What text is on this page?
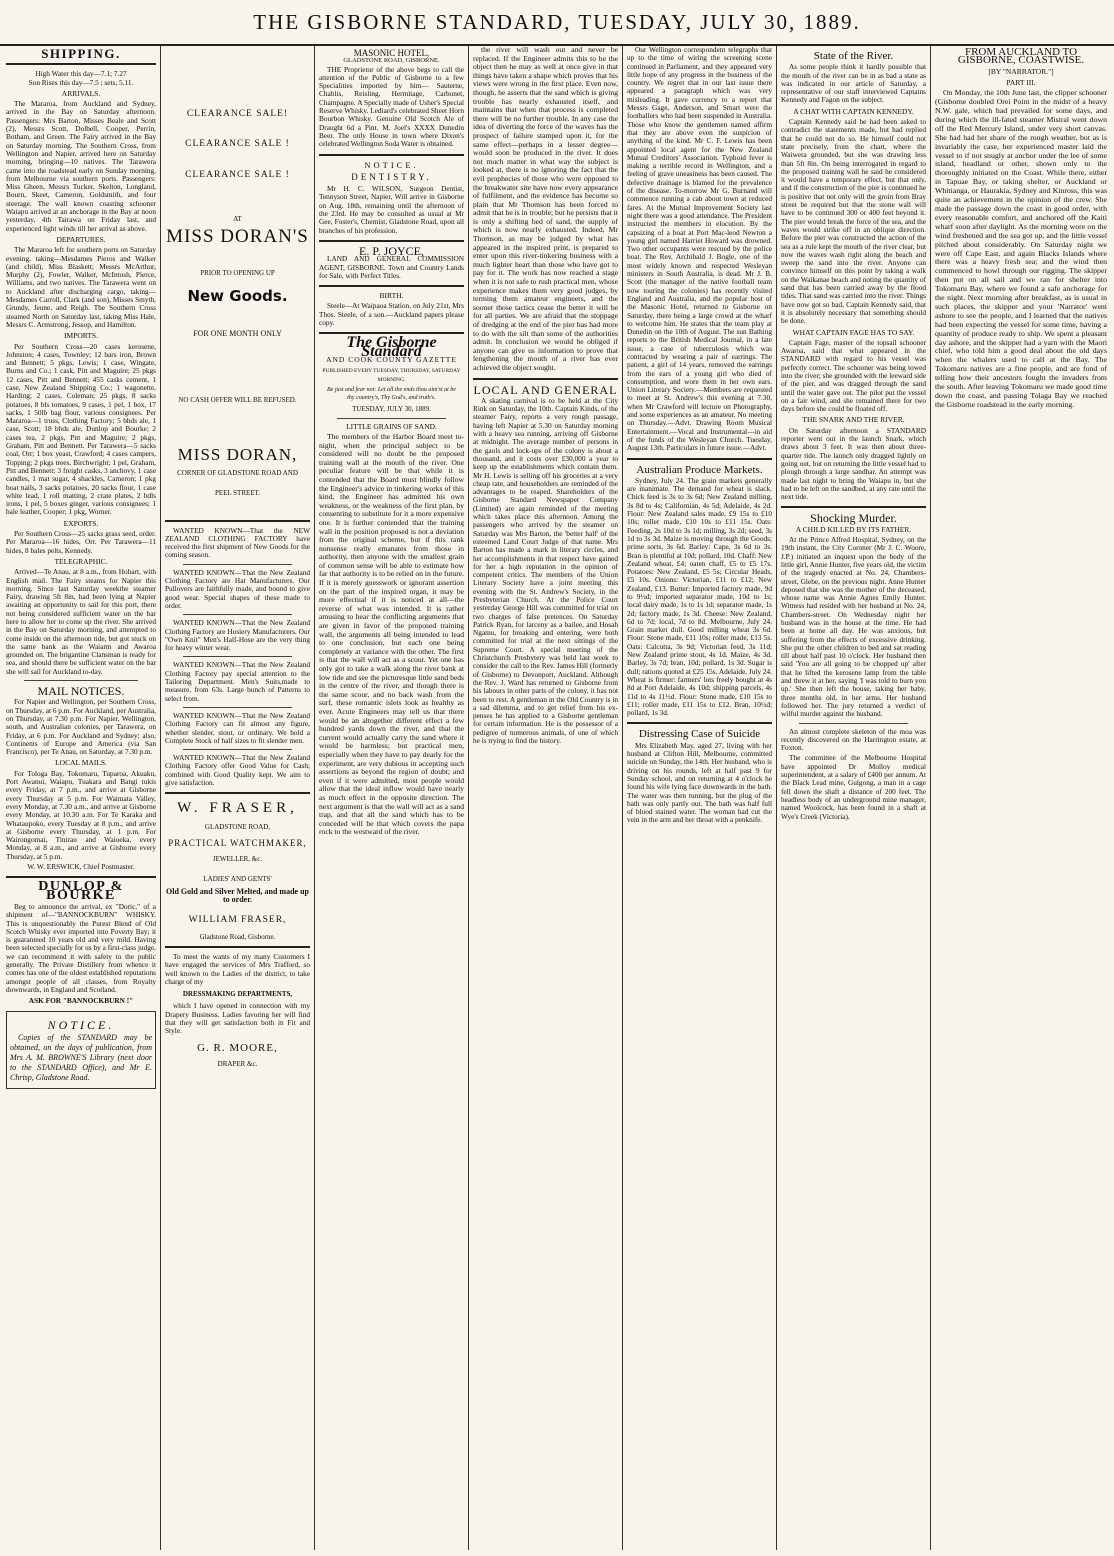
THE GISBORNE STANDARD, TUESDAY, JULY 30, 1889.
SHIPPING.
High Water this day—7.1; 7.27
Sun Rises this day—7.5 ; sets, 5.11.
ARRIVALS.

The Mararoa, from Auckland and Sydney, arrived in the Bay on Saturday afternoon. Passengers: Mrs Barton, Misses Beale and Scott (2), Messrs Scott, Dolbell, Cooper, Perrin, Botham, and Green. The Fairy arrived in the Bay on Saturday morning. The Southern Cross, from Wellington and Napier, arrived here on Saturday morning, bringing—10 natives. The Tarawera came into the roadstead early on Sunday morning, from Melbourne via southern ports. Passengers: Miss Gheen, Messrs Tucker, Skelton, Longland, Bourn, Skeet, Cameron, Goldsmith, and four steerage. The wall known coasting schooner Waiapu arrived at an anchorage in the Bay at noon yesterday, 4th Tairawa on Friday last, and experienced light winds till her arrival as above.

DEPARTURES.

The Mararoa left for southern ports on Saturday evening, taking—Mesdames Pieros and Walker (and child), Miss Blaskett; Messrs McArthur, Murphy (2), Fowler, Walker, McIntosh, Pierce, Williams, and two natives. The Tarawera went on to Auckland after discharging cargo, taking—Mesdames Carroll, Clark (and son), Misses Smyth, Grundy, Jeune, and Reigh. The Southern Cross steamed North on Saturday last, taking Miss Hale, Messrs C. Armstrong, Jessop, and Hamilton.

IMPORTS.

Per Southern Cross—20 cases kerosene, Johnston; 4 cases, Townley; 12 bars iron, Brown and Bennett; 5 pkgs, Lewis; 1 case, Wingate, Burns and Co.; 1 cask, Pitt and Maguire; 25 pkgs 12 cases, Pitt and Bennett; 455 casks cement, 1 case, New Zealand Shipping Co.; 1 wagonette, Harding; 2 cases, Coleman; 25 pkgs, 8 sacks potatoes, 8 bls tomatoes, 9 cases, 1 pel, 1 box, 17 sacks, 1 50lb bag flour, various consignees. Per Mararoa—1 truss, Clothing Factory; 5 bhds ale, 1 case, Scott; 18 bhds ale, Dunlop and Bourke; 2 cases tea, 2 pkgs, Pitt and Maguire; 2 pkgs, Graham, Pitt and Bennett. Per Tarawera—5 sacks coal, Orr; 1 box yeast, Crawford; 4 cases campers, Topping; 2 pkgs trees, Birchwright; 1 pel, Graham, Pitt and Bennett; 3 freight casks, 3 anchovy, 1 case candles, 1 mat sugar, 4 shackles, Cameron; 1 pkg boat nails, 3 sacks potatoes, 20 sacks flour, 1 case white lead, 1 roll matting, 2 crate plates, 2 bdls irons, 1 pel, 5 boxes ginger, various consignees; 1 bale leather, Cooper; 1 pkg, Worner.

EXPORTS.

Per Southern Cross—25 sacks grass seed, order. Per Mararoa—16 hides, Orr. Per Tarawera—11 hides, 8 bales pelts, Kennedy.

TELEGRAPHIC.

Arrived—Te Anau, at 8 a.m., from Hobart, with English mail. The Fairy steams for Napier this morning. Since last Saturday weekthe steamer Fairy, drawing 5ft 8in, had been lying at Napier awaiting an opportunity to sail for this port, there not being considered sufficient water on the bar here to allow her to come up the river. She arrived in the Bay on Saturday morning, and attempted to come inside on the afternoon tide, but got stuck on the same bank as the Waiarm and Awaroa grounded on. The brigantine Clansman is ready for sea, and should there be sufficient water on the bar she will sail for Auckland to-day.

MAIL NOTICES.

For Napier and Wellington, per Southern Cross, on Thursday, at 6 p.m. For Auckland, per Australia, on Thursday, at 7.30 p.m. For Napier, Wellington, south, and Australian colonies, per Tarawera, on Friday, at 6 p.m. For Auckland and Sydney; also, Continents of Europe and America (via San Francisco), per Te Anau, on Saturday, at 7.30 p.m.

LOCAL MAILS.

For Tologa Bay, Tokomaru, Tuparoa, Akuaku, Port Awanui, Waiapu, Tuakara and Bangi tukis every Friday, at 7 p.m., and arrive at Gisborne every Thursday at 5 p.m. For Waimata Valley, every Monday, at 7.30 a.m., and arrive at Gisborne every Monday, at 10.30 a.m. For Te Karaka and Whataupoko, every Tuesday at 8 p.m., and arrive at Gisborne every Thursday, at 1 p.m. For Wairongomai, Tinirau and Waioeka, every Monday, at 8 a.m., and arrive at Gisborne every Thursday, at 5 p.m.

W. W. ERSWICK, Chief Postmaster.
DUNLOP & BOURKE

Beg to announce the arrival, ex "Doric," of a shipment of—"BANNOCKBURN" WHISKY. This is unquestionably the Purest Blend of Old Scotch Whisky ever imported into Poverty Bay; it is guaranteed 10 years old and very mild. Having been selected specially for us by a first-class judge, we can recommend it with safety to the public generally. The Private Distillery from whence it comes has one of the oldest established reputations amongst people of all classes, from Royalty downwards, in England and Scotland.

ASK FOR "BANNOCKBURN !"
NOTICE.

Copies of the STANDARD may be obtained, on the days of publication, from Mrs A. M. BROWNE'S Library (next door to the STANDARD Office), and Mr E. Chrisp, Gladstone Road.

CLEARANCE SALE!
CLEARANCE SALE !
CLEARANCE SALE !
AT
MISS DORAN'S
PRIOR TO OPENING UP
New Goods.
FOR ONE MONTH ONLY
NO CASH OFFER WILL BE REFUSED.
MISS DORAN,
CORNER OF GLADSTONE ROAD AND
PEEL STREET.

WANTED KNOWN—That the NEW ZEALAND CLOTHING FACTORY have received the first shipment of New Goods for the coming season.

WANTED KNOWN—That the New Zealand Clothing Factory are Hat Manufacturers. Our Pullovers are faithfully made, and bound to give good wear. Special shapes of these made to order.

WANTED KNOWN—That the New Zealand Clothing Factory are Hosiery Manufacturers. Our "Own Knit" Men's Half-Hose are the very thing for heavy winter wear.

WANTED KNOWN—That the New Zealand Clothing Factory pay special attention to the Tailoring Department. Men's Suits,made to measure, from 63s. Large bunch of Patterns to select from.

WANTED KNOWN—That the New Zealand Clothing Factory can fit almost any figure, whether slender, stout, or ordinary. We hold a Complete Stock of half sizes to fit slender men.

WANTED KNOWN—That the New Zealand Clothing Factory offer Good Value for Cash; combined with Good Quality kept. We aim to give satisfaction.

W. FRASER,
GLADSTONE ROAD,
PRACTICAL WATCHMAKER,
JEWELLER, &c.
LADIES' AND GENTS'
Old Gold and Silver Melted, and made up to order.
WILLIAM FRASER,
Gladstone Road, Gisborne.

To meet the wants of my many Customers I have engaged the services of Mrs Trafford, so well known to the Ladies of the district, to take charge of my

DRESSMAKING DEPARTMENTS,

which I have opened in connection with my Drapery Business. Ladies favoring her will find that they will get satisfaction both in Fit and Style.

G. R. MOORE,
DRAPER &c.
MASONIC HOTEL,
GLADSTONE ROAD, GISBORNE.

THE Proprietor of the above begs to call the attention of the Public of Gisborne to a few Specialities imported by him— Sauterne, Chablis, Reisling, Hermitage, Carbonet, Champagne. A Specially made of Usher's Special Reserve Whisky. Lediard's celebrated Sheet Horn Bourbon Whisky. Genuine Old Scotch Ale of Draught 6d a Pint. M. Joel's XXXX Dunedin Beer. The only House in town where Dixon's celebrated Wellington Soda Water is obtained.

NOTICE.
DENTISTRY.

Mr H. C. WILSON, Surgeon Dentist, Tennyson Street, Napier, Will arrive in Gisborne on Aug. 18th, remaining until the afternoon of the 23rd. He may be consulted as usual at Mr Gee, Foster's, Chemist, Gladstone Road, upon all branches of his profession.

E. P. JOYCE,

LAND AND GENERAL COMMISSION AGENT, GISBORNE. Town and Country Lands for Sale, with Perfect Titles.

BIRTH.

Steele—At Waipaoa Station, on July 21st, Mrs Thos. Steele, of a son.—Auckland papers please copy.

The Gisborne Standard
AND COOK COUNTY GAZETTE
PUBLISHED EVERY TUESDAY, THURSDAY, SATURDAY MORNING.
Be just and fear not: Let all the ends thou aim'st at be thy country's, Thy God's, and truth's.
TUESDAY, JULY 30, 1889.
LITTLE GRAINS OF SAND.

The members of the Harbor Board meet to-night, when the principal subject to be considered will no doubt be the proposed training wall at the mouth of the river. One peculiar feature will be that while it is contended that the Board must blindly follow the Engineer's advice in tinkering works of this kind, the Engineer has admitted his own weakness, or the weakness of the first plan, by consenting to substitute for it a more expensive one. It is further contended that the training wall in the position proposed is not a deviation from the original scheme, but if this rank nonsense really emanates from those in authority, then anyone with the smallest grain of common sense will be able to estimate how far that authority is to be relied on in the future. If it is merely guesswork or ignorant assertion on the part of the inspired organ, it may be more effectual if it is noticed at all—the reverse of what was intended. It is rather amusing to hear the conflicting arguments that are given in favor of the proposed training wall, the arguments all being intended to lead to one conclusion, but each one being completely at variance with the other. The first is that the wall will act as a scour. Yet one has only got to take a walk along the river bank at low tide and see the picturesque little sand beds in the centre of the river, and though there is the same scour, and no back wash from the surf, these romantic islets look as healthy as ever. Acute Engineers may tell us that there would be an altogether different effect a few hundred yards down the river, and that the current would actually carry the sand where it would be harmless; but practical men, especially when they have to pay dearly for the experiment, are very dubious in accepting such assertions as beyond the region of doubt; and even if it were admitted, most people would allow that the ideal inflow would have nearly as much effect in the opposite direction. The next argument is that the wall will act as a sand trap, and that all the sand which has to be conceded will be that which covers the papa rock to the westward of the river.

the river will wash out and never be replaced. If the Engineer admits this to be the object then he may as well at once give in that things have taken a shape which proves that his views were wrong in the first place. Even now, though, he asserts that the sand which is giving trouble has nearly exhausted itself, and maintains that when that process is completed there will be no further trouble. In any case the idea of diverting the force of the waves has the prospect of failure stamped upon it, for the same effect—perhaps in a lesser degree—would soon be produced in the river. It does not much matter in what way the subject is looked at, there is no ignoring the fact that the evil prophecies of those who were opposed to the breakwater site have now every appearance of fulfilment, and the evidence has become so plain that Mr Thomson has been forced to admit that he is in trouble; but he persists that it is only a shifting bed of sand, the supply of which is now nearly exhausted. Indeed, Mr Thomson, as may be judged by what has appeared in the inspired print, is prepared to enter upon this river-tinkering business with a much lighter heart than those who have got to pay for it. The work has now reached a stage when it is not safe to rush practical men, whose experience makes them very good judges, by terming them amateur engineers, and the sooner those tactics cease the better it will be for all parties. We are afraid that the stoppage of dredging at the end of the pier has had more to do with the silt than some of the authorities admit. In conclusion we would be obliged if anyone can give us information to prove that lengthening the mouth of a river has ever achieved the object sought.

LOCAL AND GENERAL

A skating carnival is to be held at the City Rink on Saturday, the 10th. Captain Kinds, of the steamer Fairy, reports a very rough passage, having left Napier at 5.30 on Saturday morning with a heavy sea running, arriving off Gisborne at midnight. The average number of persons in the gaols and lock-ups of the colony is about a thousand, and it costs over £30,000 a year to keep up the establishments which contain them. Mr H. Lewis is selling off his groceries at a very cheap rate, and householders are reminded of the advantages to be reaped. Shareholders of the Gisborne Standard Newspaper Company (Limited) are again reminded of the meeting which takes place this afternoon. Among the passengers who arrived by the steamer on Saturday was Mrs Barton, the 'better half' of the esteemed Land Court Judge of that name. Mrs Barton has made a mark in literary circles, and her accomplishments in that respect have gained for her a high reputation in the opinion of competent critics. The members of the Union Literary Society have a joint meeting this evening with the St. Andrew's Society, in the Presbyterian Church. At the Police Court yesterday George Hill was committed for trial on two charges of false pretences. On Saturday Patrick Ryan, for larceny as a bailee, and Hosah Ngamu, for breaking and entering, were both committed for trial at the next sittings of the Supreme Court. A special meeting of the Christchurch Presbytery was held last week to consider the call to the Rev. James Hill (formerly of Gisborne) to Devonport, Auckland. Although the Rev. J. Ward has returned to Gisborne from his labours in other parts of the colony, it has not been to rest. A gentleman in the Old Country is in a sad dilemma, and to get relief from his ex-penses he has applied to a Gisborne gentleman for certain information. He is the possessor of a pedigree of numerous animals, of one of which he is trying to find the history.

Our Wellington correspondent telegraphs that up to the time of wiring the screening scene continued in Parliament, and they appeared very little hope of any progress in the business of the country. We regret that in our last issue there appeared a paragraph which was very misleading. It gave currency to a report that Messrs Gage, Anderson, and Smart were the footballers who had been suspended in Australia. Those who know the gentlemen named affirm that they are above even the suspicion of anything of the kind. Mr C. F. Lewis has been appointed local agent for the New Zealand Mutual Creditors' Association. Typhoid fever is making a terrible record in Wellington, and a feeling of grave uneasiness has been caused. The defective drainage is blamed for the prevalence of the disease. To-morrow Mr G. Burnand will commence running a cab about town at reduced fares. At the Mutual Improvement Society last night there was a good attendance. The President instructed the members in elocution. By the capsizing of a boat at Port Mac-leod Newton a young girl named Harriet Howard was drowned. Two other occupants were rescued by the police boat. The Rev. Archibald J. Bogle, one of the most widely known and respected Wesleyan ministers in South Australia, is dead. Mr J. B. Scott (the manager of the native football team now touring the colonies) has recently visited England and Australia, and the popular host of the Masonic Hotel, returned to Gisborne on Saturday, there being a large crowd at the wharf to welcome him. He states that the team play at Dunedin on the 10th of August. The sun Bathing reports to the British Medical Journal, in a late issue, a case of tuberculosis which was contracted by wearing a pair of earrings. The patient, a girl of 14 years, removed the earrings from the ears of a young girl who died of consumption, and wore them in her own ears. Union Literary Society.—Members are requested to meet at St. Andrew's this evening at 7.30, when Mr Crawford will lecture on Photography, and some experiences as an amateur. No meeting on Thursday.—Advt. Drawing Room Musical Entertainment.—Vocal and Instrumental—in aid of the funds of the Wesleyan Church. Tuesday, August 13th. Particulars in future issue.—Advt.

Australian Produce Markets.

Sydney, July 24. The grain markets generally are inanimate. The demand for wheat is slack. Chick feed is 3s to 3s 6d; New Zealand milling, 3s 8d to 4s; Californian, 4s 5d; Adelaide, 4s 2d. Flour: New Zealand sales made, £9 15s to £10 10s; roller made, £10 10s to £11 15s. Oats: Feeding, 2s 10d to 3s 1d; milling, 3s 2d; seed, 3s 1d to 3s 3d. Maize is moving through the Goods; prime sorts, 3s 6d. Barley: Cape, 3s 6d to 3s. Bran is plentiful at 10d; pollard, 10d. Chaff: New Zealand wheat, £4; oaten chaff, £5 to £5 17s. Potatoes: New Zealand, £5 5s; Circular Heads, £5 10s. Onions: Victorian, £11 to £12; New Zealand, £13. Butter: Imported factory made, 9d to 9½d; imported separator made, 10d to 1s; local dairy made, 1s to 1s 1d; separator made, 1s 2d; factory made, 1s 3d. Cheese: New Zealand, 6d to 7d; local, 7d to 8d. Melbourne, July 24. Grain market dull. Good milling wheat 3s 6d. Flour: Stone made, £11 10s; roller made, £13 5s. Oats: Calcutta, 3s 9d; Victorian feed, 3s 11d; New Zealand prime stout, 4s 1d. Maize, 4s 3d. Barley, 3s 7d; bran, 10d; pollard, 1s 3d. Sugar is dull; rations quoted at £25 15s. Adelaide, July 24. Wheat is firmer: farmers' lots freely bought at 4s 8d at Port Adelaide, 4s 10d; shipping parcels, 4s 11d to 4s 11½d. Flour: Stone made, £10 15s to £11; roller made, £11 15s to £12. Bran, 10½d; pollard, 1s 3d.

Distressing Case of Suicide

Mrs Elizabeth May, aged 27, living with her husband at Clifton Hill, Melbourne, committed suicide on Sunday, the 14th. Her husband, who is driving on his rounds, left at half past 9 for Sunday school, and on returning at 4 o'clock he found his wife lying face downwards in the bath. The water was then running, but the plug of the bath was only partly out. The bath was half full of blood stained water. The woman had cut the vein in the arm and her throat with a penknife.

State of the River.

As some people think it hardly possible that the mouth of the river can be in as bad a state as was indicated in our article of Saturday, a representative of our staff interviewed Captains Kennedy and Fagon on the subject.

A CHAT WITH CAPTAIN KENNEDY.

Captain Kennedy said he had been asked to contradict the statements made, but had replied that he could not do so. He himself could not state precisely, from the chart, where the Waiwera grounded, but she was drawing less than 5ft 8in. On being interrogated in regard to the proposed training wall he said he considered it would have a temporary effect, but that only, and if the construction of the pier is continued he is positive that not only will the groin from Bray street be required but that the stone wall will have to be continued 300 or 400 feet beyond it. The pier would break the force of the sea, and the waves would strike off in an oblique direction. Before the pier was constructed the action of the sea as a rule kept the mouth of the river clear, but now the waves wash right along the beach and sweep the sand into the river. Anyone can convince himself on this point by taking a walk on the Waikanae beach and noting the quantity of sand that has been carried away by the flood tides. That sand was carried into the river. Things have now got so bad, Captain Kennedy said, that it is absolutely necessary that something should be done.

WHAT CAPTAIN FAGE HAS TO SAY.

Captain Fage, master of the topsail schooner Awaroa, said that what appeared in the STANDARD with regard to his vessel was perfectly correct. The schooner was being towed into the river; she grounded with the leeward side of the pier, and was dragged through the sand until the water gave out. The pilot put the vessel on a fair wind, and she remained there for two days before she could be floated off.

THE SNARK AND THE RIVER.

On Saturday afternoon a STANDARD reporter went out in the launch Snark, which draws about 3 feet. It was then about three-quarter tide. The launch only dragged lightly on going out, but on returning the little vessel had to plough through a large sandbar. An attempt was made last night to bring the Waiapu in, but she had to be left on the sandbed, at any rate until the next tide.

Shocking Murder.
A CHILD KILLED BY ITS FATHER.

At the Prince Alfred Hospital, Sydney, on the 19th instant, the City Coroner (Mr J. C. Woore, J.P.) initiated an inquest upon the body of the little girl, Annie Hunter, five years old, the victim of the tragedy enacted at No. 24, Chambers-street, Glebe, on the previous night. Anne Hunter deposed that she was the mother of the deceased, whose name was Annie Agnes Emily Hunter. Witness had resided with her husband at No. 24, Chambers-street. On Wednesday night her husband was in the house at the time. He had been at home all day. He was anxious, but suffering from the effects of excessive drinking. She put the other children to bed and sat reading till about half past 10 o'clock. Her husband then said 'You are all going to be chopped up' after that he lifted the kerosene lamp from the table and threw it at her, saying 'I was told to burn you up.' She then left the house, taking her baby, three months old, in her arms. Her husband followed her. The jury returned a verdict of wilful murder against the husband.

An almost complete skeleton of the moa was recently discovered on the Harrington estate, at Foxton.

The committee of the Melbourne Hospital have appointed Dr Molloy medical superintendent, at a salary of £400 per annum. At the Black Lead mine, Gulgong, a man in a cage fell down the shaft a distance of 200 feet. The headless body of an underground mine manager, named Woolcock, has been found in a shaft at Wye's Creek (Victoria).

FROM AUCKLAND TO GISBORNE, COASTWISE.
[BY "NARRATOR."]
PART III.

On Monday, the 10th June last, the clipper schooner (Gisborne doubled Orei Point in the midst of a heavy N.W. gale, which had prevailed for some days, and during which the ill-fated steamer Mistral went down off the Red Mercury Island, under very short canvas. She had had her share of the rough weather, but as is invariably the case, her experienced master laid the vessel to if not snugly at anchor under the lee of some island, headland or other, shown only to the thoroughly initiated on the Coast. While there, either in Tapuae Bay, or taking shelter, or Auckland or Whitianga, or Haurakia, Sydney and Kinross, this was quite an achievement in the opinion of the crew. She made the passage down the coast in good order, with every reasonable comfort, and anchored off the Kaiti wharf soon after daylight. As the morning wore on the wind freshened and the sea got up, and the little vessel pitched about considerably. On Saturday night we were off Cape East, and again Blacks Islands where there was a heavy fresh sea; and the wind then commenced to howl through our rigging. The skipper then put on all sail and we ran for shelter into Tokomaru Bay, where we found a safe anchorage for the night. Next morning after breakfast, as is usual in such places, the skipper and your 'Narrator' went ashore to see the people, and I learned that the natives had been expecting the vessel for some time, having a quantity of produce ready to ship. We spent a pleasant day ashore, and the skipper had a yarn with the Maori chief, who told him a good deal about the old days when the whalers used to call at the Bay. The Tokomaru natives are a fine people, and are fond of telling how their ancestors fought the invaders from the south. After leaving Tokomaru we made good time down the coast, and passing Tolaga Bay we reached the Gisborne roadstead in the early morning.
